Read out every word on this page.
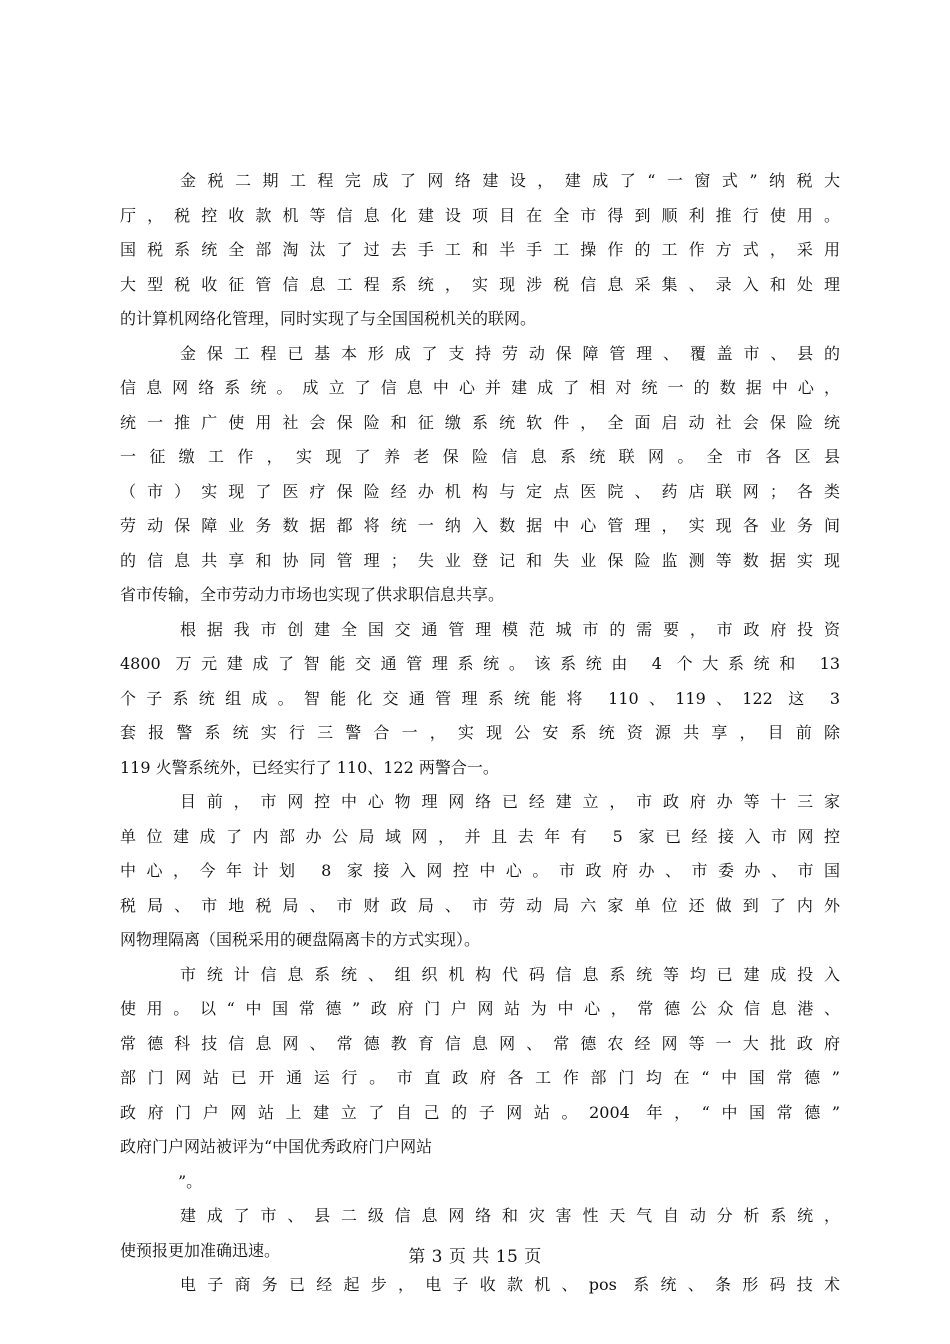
金税二期工程完成了网络建设，建成了“一窗式”纳税大
厅，税控收款机等信息化建设项目在全市得到顺利推行使用。
国税系统全部淘汰了过去手工和半手工操作的工作方式，采用
大型税收征管信息工程系统，实现涉税信息采集、录入和处理
的计算机网络化管理，同时实现了与全国国税机关的联网。
金保工程已基本形成了支持劳动保障管理、覆盖市、县的
信息网络系统。成立了信息中心并建成了相对统一的数据中心，
统一推广使用社会保险和征缴系统软件，全面启动社会保险统
一征缴工作，实现了养老保险信息系统联网。全市各区县
（市）实现了医疗保险经办机构与定点医院、药店联网；各类
劳动保障业务数据都将统一纳入数据中心管理，实现各业务间
的信息共享和协同管理；失业登记和失业保险监测等数据实现
省市传输，全市劳动力市场也实现了供求职信息共享。
根据我市创建全国交通管理模范城市的需要，市政府投资
4800 万元建成了智能交通管理系统。该系统由 4 个大系统和 13
个子系统组成。智能化交通管理系统能将 110、119、122 这 3
套报警系统实行三警合一，实现公安系统资源共享，目前除
119 火警系统外，已经实行了 110、122 两警合一。
目前，市网控中心物理网络已经建立，市政府办等十三家
单位建成了内部办公局域网，并且去年有 5 家已经接入市网控
中心，今年计划 8 家接入网控中心。市政府办、市委办、市国
税局、市地税局、市财政局、市劳动局六家单位还做到了内外
网物理隔离（国税采用的硬盘隔离卡的方式实现）。
市统计信息系统、组织机构代码信息系统等均已建成投入
使用。以“中国常德”政府门户网站为中心，常德公众信息港、
常德科技信息网、常德教育信息网、常德农经网等一大批政府
部门网站已开通运行。市直政府各工作部门均在“中国常德”
政府门户网站上建立了自己的子网站。2004 年，“中国常德”
政府门户网站被评为“中国优秀政府门户网站
”。
建成了市、县二级信息网络和灾害性天气自动分析系统，
使预报更加准确迅速。
电子商务已经起步，电子收款机、pos 系统、条形码技术
第 3 页 共 15 页
